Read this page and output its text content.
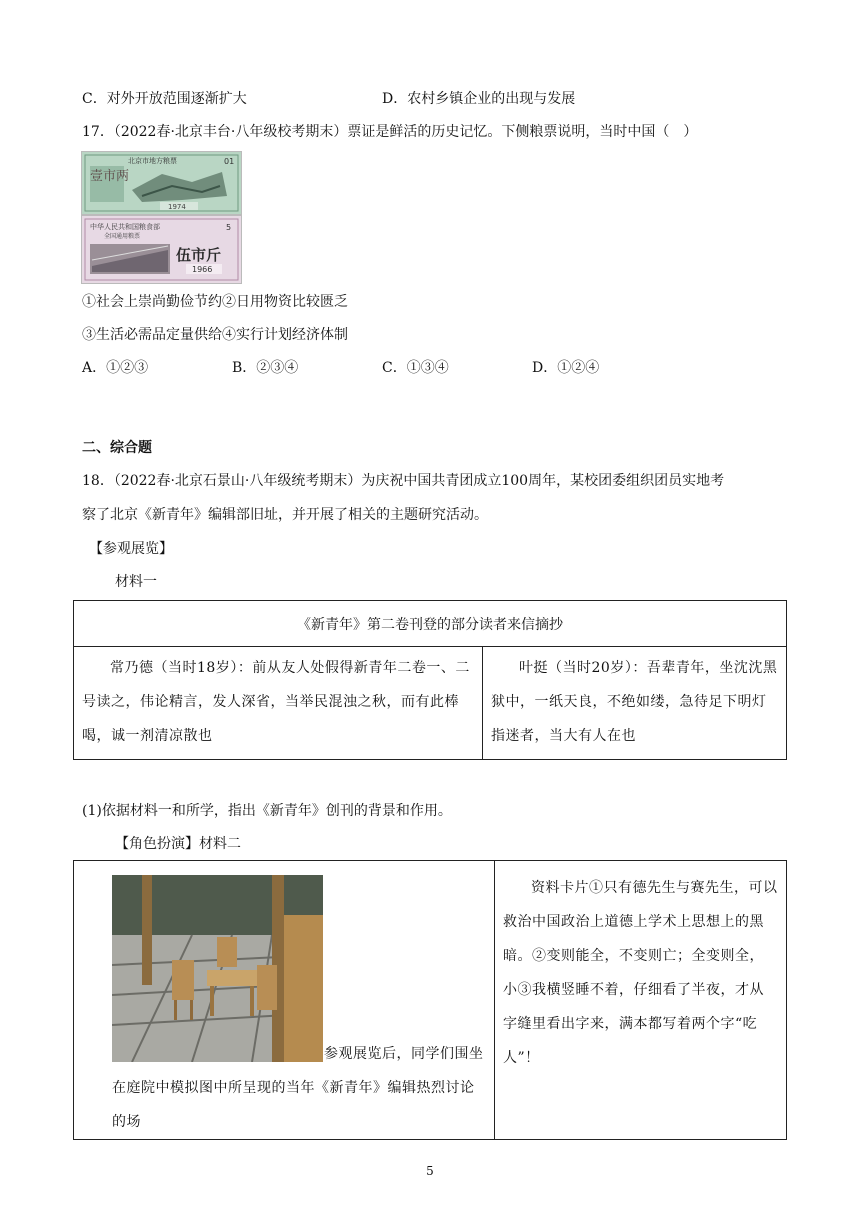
C．对外开放范围逐渐扩大	D．农村乡镇企业的出现与发展
17．（2022春·北京丰台·八年级校考期末）票证是鲜活的历史记忆。下侧粮票说明，当时中国（　）
壹市两
北京市地方粮票	01
1974
中华人民共和国粮食部
全国通用粮票
5
伍市斤
1966
①社会上崇尚勤俭节约②日用物资比较匮乏
③生活必需品定量供给④实行计划经济体制
A．①②③	B．②③④	C．①③④	D．①②④
二、综合题
18．（2022春·北京石景山·八年级统考期末）为庆祝中国共青团成立100周年，某校团委组织团员实地考
察了北京《新青年》编辑部旧址，并开展了相关的主题研究活动。
【参观展览】
材料一
《新青年》第二卷刊登的部分读者来信摘抄

常乃德（当时18岁）：前从友人处假得新青年二卷一、二号读之，伟论精言，发人深省，当举民混浊之秋，而有此棒喝，诚一剂清凉散也

叶挺（当时20岁）：吾辈青年，坐沈沈黑狱中，一纸天良，不绝如缕，急待足下明灯指迷者，当大有人在也
(1)依据材料一和所学，指出《新青年》创刊的背景和作用。
【角色扮演】材料二
参观展览后，同学们围坐在庭院中模拟图中所呈现的当年《新青年》编辑热烈讨论的场

资料卡片①只有德先生与赛先生，可以救治中国政治上道德上学术上思想上的黑暗。②变则能全，不变则亡；全变则全，小③我横竖睡不着，仔细看了半夜，才从字缝里看出字来，满本都写着两个字“吃人”！
5
